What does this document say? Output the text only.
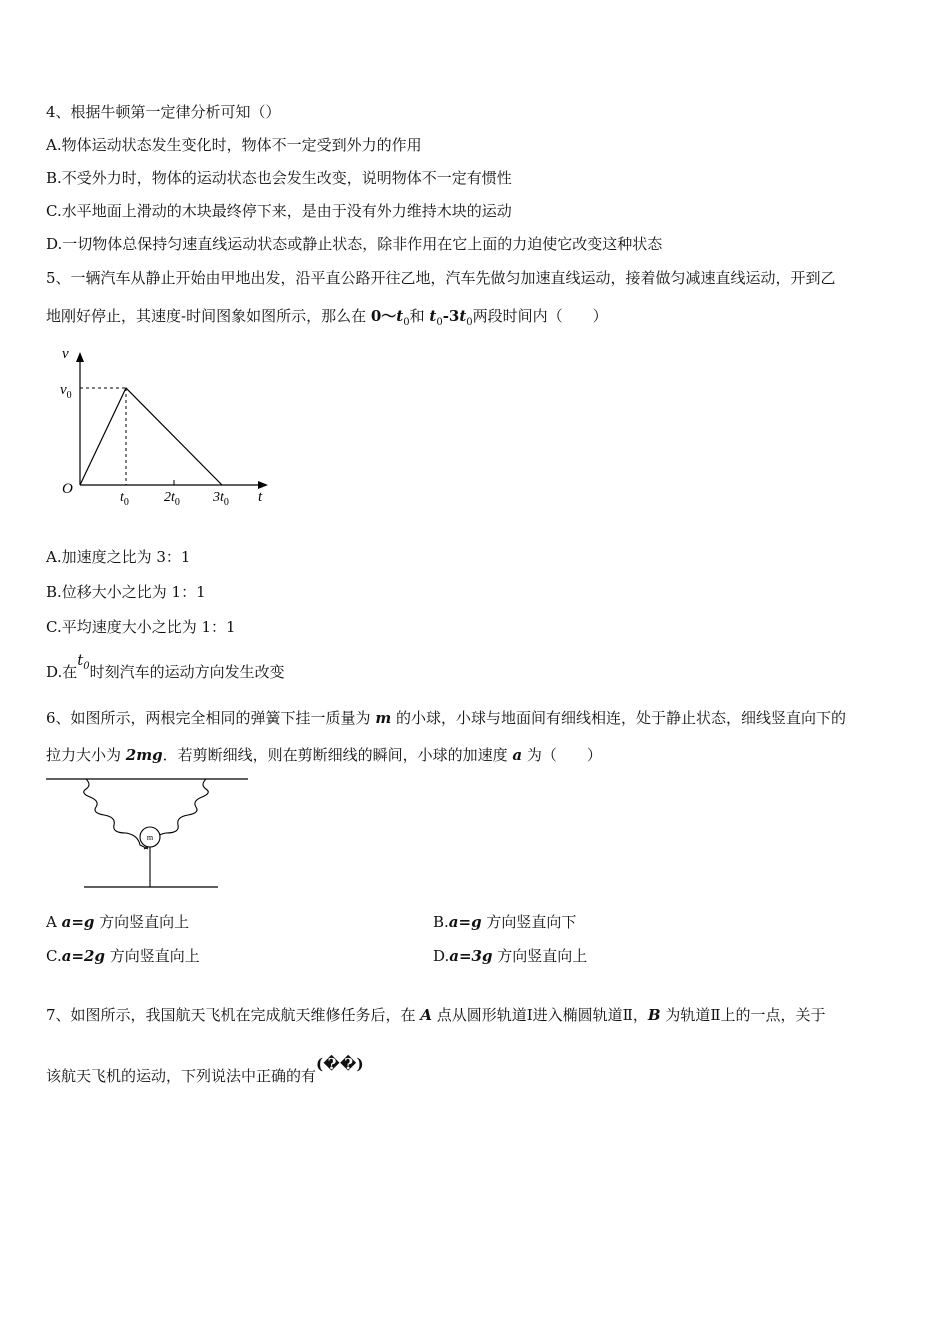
4、根据牛顿第一定律分析可知（）
A.物体运动状态发生变化时，物体不一定受到外力的作用
B.不受外力时，物体的运动状态也会发生改变，说明物体不一定有惯性
C.水平地面上滑动的木块最终停下来，是由于没有外力维持木块的运动
D.一切物体总保持匀速直线运动状态或静止状态，除非作用在它上面的力迫使它改变这种状态
5、一辆汽车从静止开始由甲地出发，沿平直公路开往乙地，汽车先做匀加速直线运动，接着做匀减速直线运动，开到乙
地刚好停止，其速度-时间图象如图所示，那么在 $0\sim t_0$和 $t_0-3t_0$两段时间内（　　）
v
$v_0$
O	t
$t_0$	$2t_0$ $3t_0$
A.加速度之比为 3：1
B.位移大小之比为 1：1
C.平均速度大小之比为 1：1
D.在$t_0$时刻汽车的运动方向发生改变
6、如图所示，两根完全相同的弹簧下挂一质量为 m 的小球，小球与地面间有细线相连，处于静止状态，细线竖直向下的
拉力大小为 2mg．若剪断细线，则在剪断细线的瞬间，小球的加速度 a 为（　　）
m
A a=g 方向竖直向上	B.a=g 方向竖直向下
C.a=2g 方向竖直向上	D.a=3g 方向竖直向上
7、如图所示，我国航天飞机在完成航天维修任务后，在 A 点从圆形轨道Ⅰ进入椭圆轨道Ⅱ，B 为轨道Ⅱ上的一点，关于
该航天飞机的运动，下列说法中正确的有(��)
